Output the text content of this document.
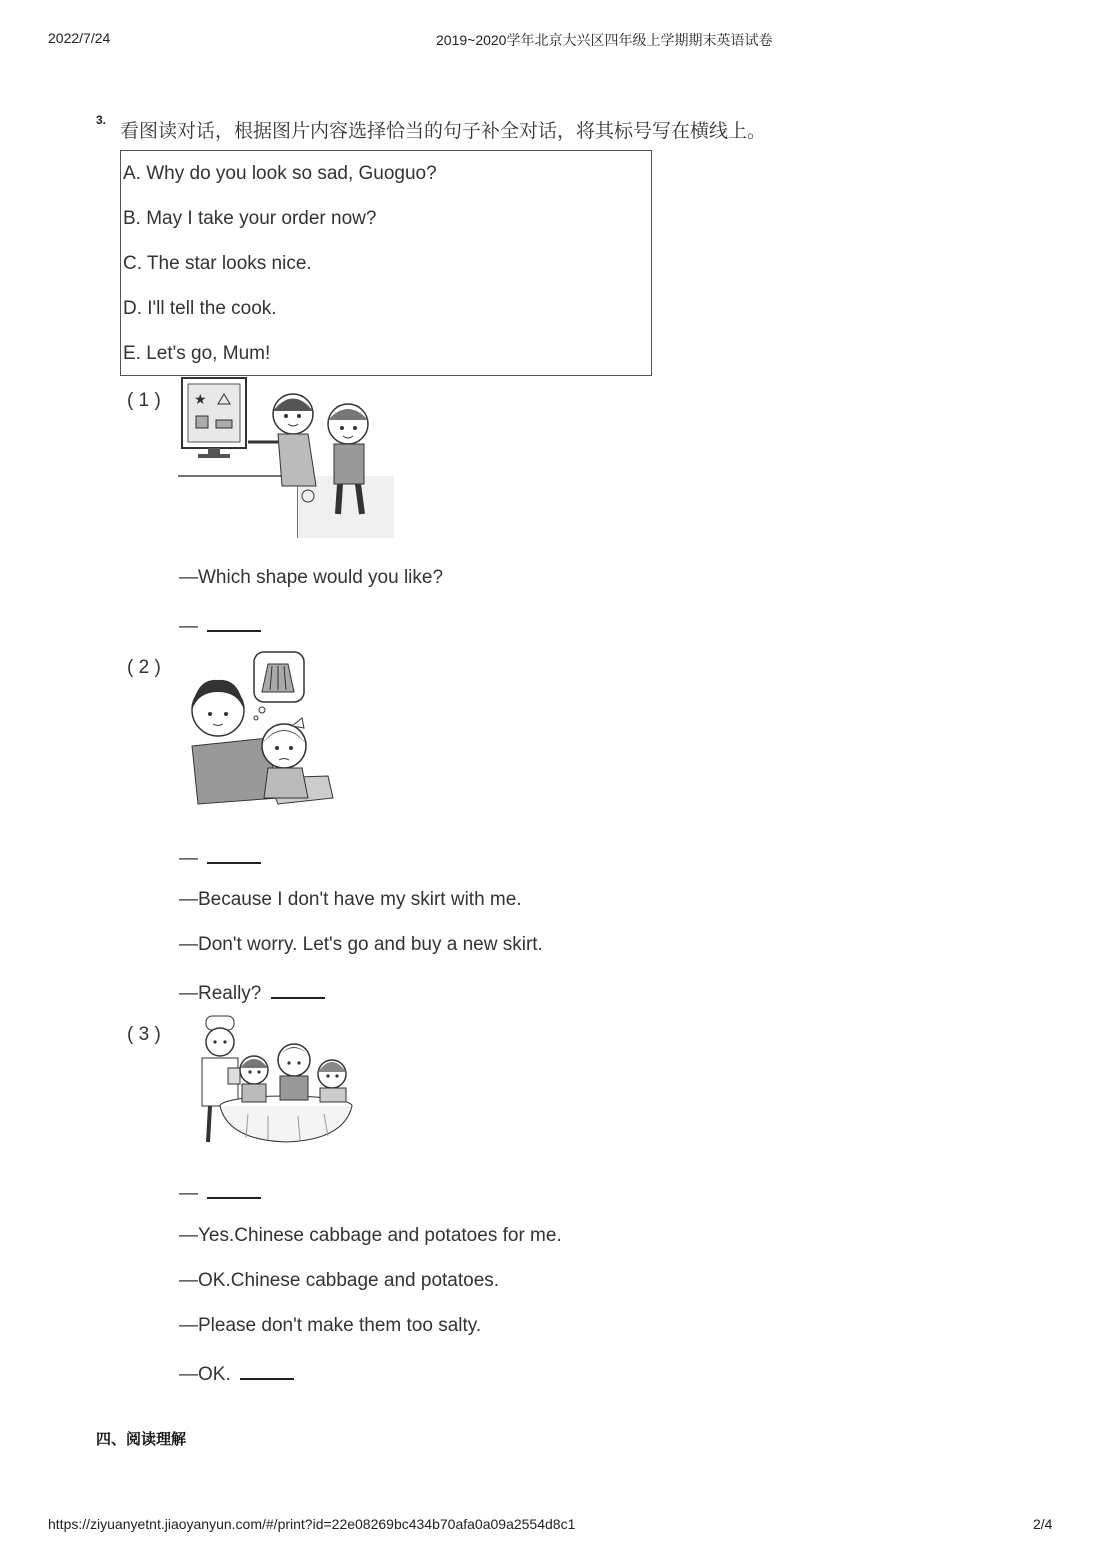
2022/7/24	2019~2020学年北京大兴区四年级上学期期末英语试卷
3.
看图读对话，根据图片内容选择恰当的句子补全对话，将其标号写在横线上。
A. Why do you look so sad, Guoguo?
B. May I take your order now?
C. The star looks nice.
D. I'll tell the cook.
E. Let's go, Mum!
( 1 ) ★
—Which shape would you like?
—
( 2 )
—
—Because I don't have my skirt with me.
—Don't worry. Let's go and buy a new skirt.
—Really?
( 3 )
—
—Yes.Chinese cabbage and potatoes for me.
—OK.Chinese cabbage and potatoes.
—Please don't make them too salty.
—OK.
四、阅读理解
https://ziyuanyetnt.jiaoyanyun.com/#/print?id=22e08269bc434b70afa0a09a2554d8c1	2/4
